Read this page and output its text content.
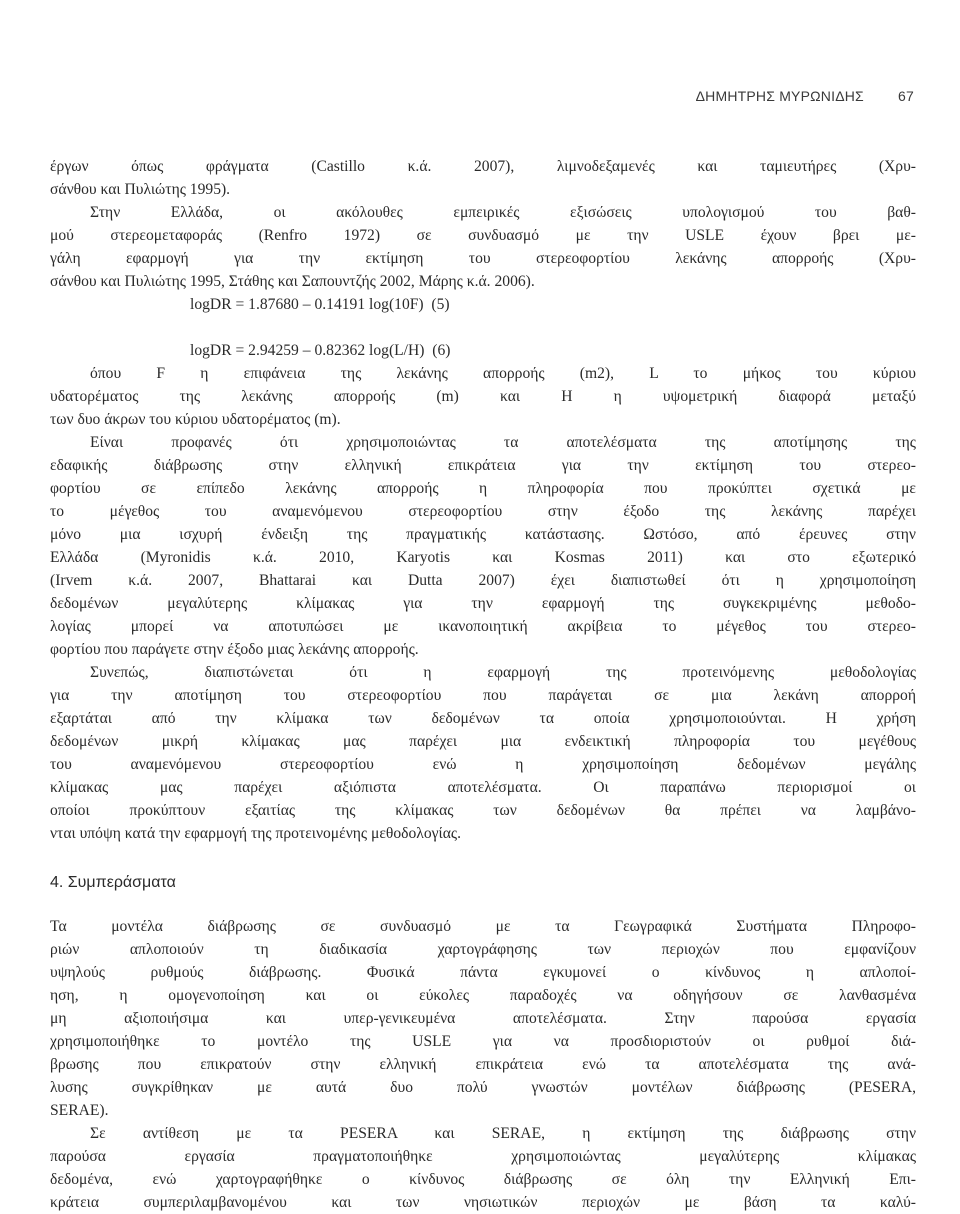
ΔΗΜΗΤΡΗΣ ΜΥΡΩΝΙΔΗΣ 67

έργων όπως φράγματα (Castillo κ.ά. 2007), λιμνοδεξαμενές και ταμιευτήρες (Χρυ-
σάνθου και Πυλιώτης 1995).

Στην Ελλάδα, οι ακόλουθες εμπειρικές εξισώσεις υπολογισμού του βαθ-
μού στερεομεταφοράς (Renfro 1972) σε συνδυασμό με την USLE έχουν βρει με-
γάλη εφαρμογή για την εκτίμηση του στερεοφορτίου λεκάνης απορροής (Χρυ-
σάνθου και Πυλιώτης 1995, Στάθης και Σαπουντζής 2002, Μάρης κ.ά. 2006).

logDR = 1.87680 – 0.14191 log(10F)  (5)
logDR = 2.94259 – 0.82362 log(L/H)  (6)

όπου F η επιφάνεια της λεκάνης απορροής (m2), L το μήκος του κύριου
υδατορέματος της λεκάνης απορροής (m) και H η υψομετρική διαφορά μεταξύ
των δυο άκρων του κύριου υδατορέματος (m).

Είναι προφανές ότι χρησιμοποιώντας τα αποτελέσματα της αποτίμησης της
εδαφικής διάβρωσης στην ελληνική επικράτεια για την εκτίμηση του στερεο-
φορτίου σε επίπεδο λεκάνης απορροής η πληροφορία που προκύπτει σχετικά με
το μέγεθος του αναμενόμενου στερεοφορτίου στην έξοδο της λεκάνης παρέχει
μόνο μια ισχυρή ένδειξη της πραγματικής κατάστασης. Ωστόσο, από έρευνες στην
Ελλάδα (Myronidis κ.ά. 2010, Karyotis και Kosmas 2011) και στο εξωτερικό
(Irvem κ.ά. 2007, Bhattarai και Dutta 2007) έχει διαπιστωθεί ότι η χρησιμοποίηση
δεδομένων μεγαλύτερης κλίμακας για την εφαρμογή της συγκεκριμένης μεθοδο-
λογίας μπορεί να αποτυπώσει με ικανοποιητική ακρίβεια το μέγεθος του στερεο-
φορτίου που παράγετε στην έξοδο μιας λεκάνης απορροής.

Συνεπώς, διαπιστώνεται ότι η εφαρμογή της προτεινόμενης μεθοδολογίας
για την αποτίμηση του στερεοφορτίου που παράγεται σε μια λεκάνη απορροή
εξαρτάται από την κλίμακα των δεδομένων τα οποία χρησιμοποιούνται. Η χρήση
δεδομένων μικρή κλίμακας μας παρέχει μια ενδεικτική πληροφορία του μεγέθους
του αναμενόμενου στερεοφορτίου ενώ η χρησιμοποίηση δεδομένων μεγάλης
κλίμακας μας παρέχει αξιόπιστα αποτελέσματα. Οι παραπάνω περιορισμοί οι
οποίοι προκύπτουν εξαιτίας της κλίμακας των δεδομένων θα πρέπει να λαμβάνο-
νται υπόψη κατά την εφαρμογή της προτεινομένης μεθοδολογίας.

4. Συμπεράσματα

Τα μοντέλα διάβρωσης σε συνδυασμό με τα Γεωγραφικά Συστήματα Πληροφο-
ριών απλοποιούν τη διαδικασία χαρτογράφησης των περιοχών που εμφανίζουν
υψηλούς ρυθμούς διάβρωσης. Φυσικά πάντα εγκυμονεί ο κίνδυνος η απλοποί-
ηση, η ομογενοποίηση και οι εύκολες παραδοχές να οδηγήσουν σε λανθασμένα
μη αξιοποιήσιμα και υπερ-γενικευμένα αποτελέσματα. Στην παρούσα εργασία
χρησιμοποιήθηκε το μοντέλο της USLE για να προσδιοριστούν οι ρυθμοί διά-
βρωσης που επικρατούν στην ελληνική επικράτεια ενώ τα αποτελέσματα της ανά-
λυσης συγκρίθηκαν με αυτά δυο πολύ γνωστών μοντέλων διάβρωσης (PESERA,
SERAE).

Σε αντίθεση με τα PESERA και SERAE, η εκτίμηση της διάβρωσης στην
παρούσα εργασία πραγματοποιήθηκε χρησιμοποιώντας μεγαλύτερης κλίμακας
δεδομένα, ενώ χαρτογραφήθηκε ο κίνδυνος διάβρωσης σε όλη την Ελληνική Επι-
κράτεια συμπεριλαμβανομένου και των νησιωτικών περιοχών με βάση τα καλύ-
